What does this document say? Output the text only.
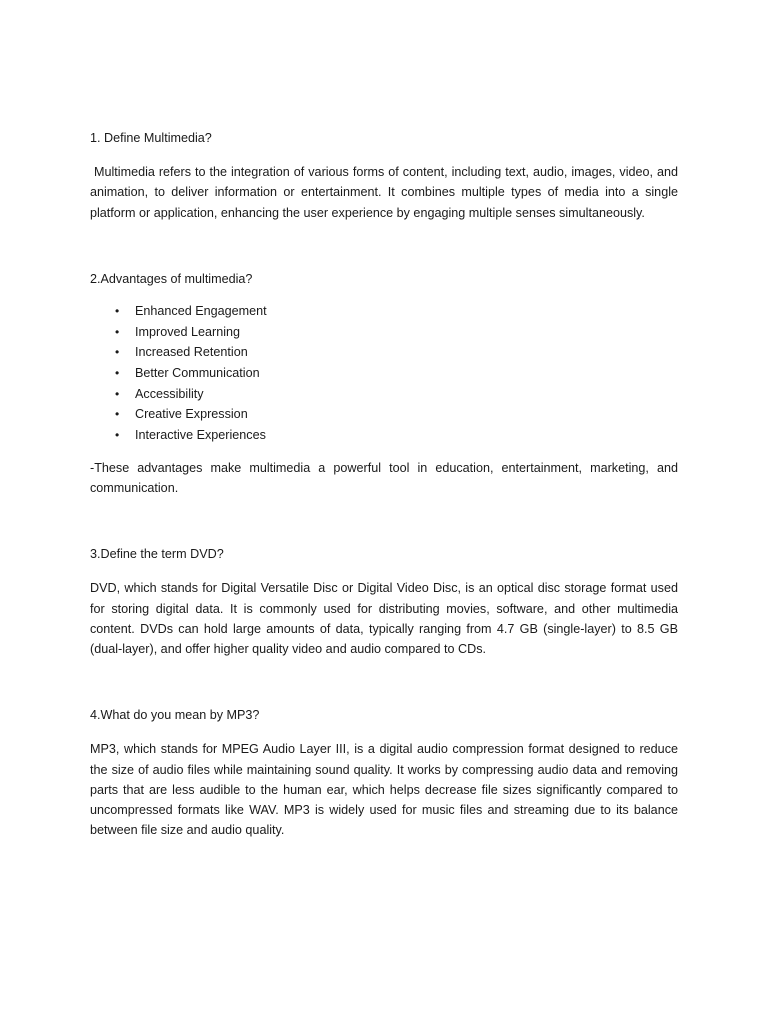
1. Define Multimedia?

Multimedia refers to the integration of various forms of content, including text, audio, images, video, and animation, to deliver information or entertainment. It combines multiple types of media into a single platform or application, enhancing the user experience by engaging multiple senses simultaneously.

2.Advantages of multimedia?

• Enhanced Engagement
• Improved Learning
• Increased Retention
• Better Communication
• Accessibility
• Creative Expression
• Interactive Experiences

-These advantages make multimedia a powerful tool in education, entertainment, marketing, and communication.

3.Define the term DVD?

DVD, which stands for Digital Versatile Disc or Digital Video Disc, is an optical disc storage format used for storing digital data. It is commonly used for distributing movies, software, and other multimedia content. DVDs can hold large amounts of data, typically ranging from 4.7 GB (single-layer) to 8.5 GB (dual-layer), and offer higher quality video and audio compared to CDs.

4.What do you mean by MP3?

MP3, which stands for MPEG Audio Layer III, is a digital audio compression format designed to reduce the size of audio files while maintaining sound quality. It works by compressing audio data and removing parts that are less audible to the human ear, which helps decrease file sizes significantly compared to uncompressed formats like WAV. MP3 is widely used for music files and streaming due to its balance between file size and audio quality.
